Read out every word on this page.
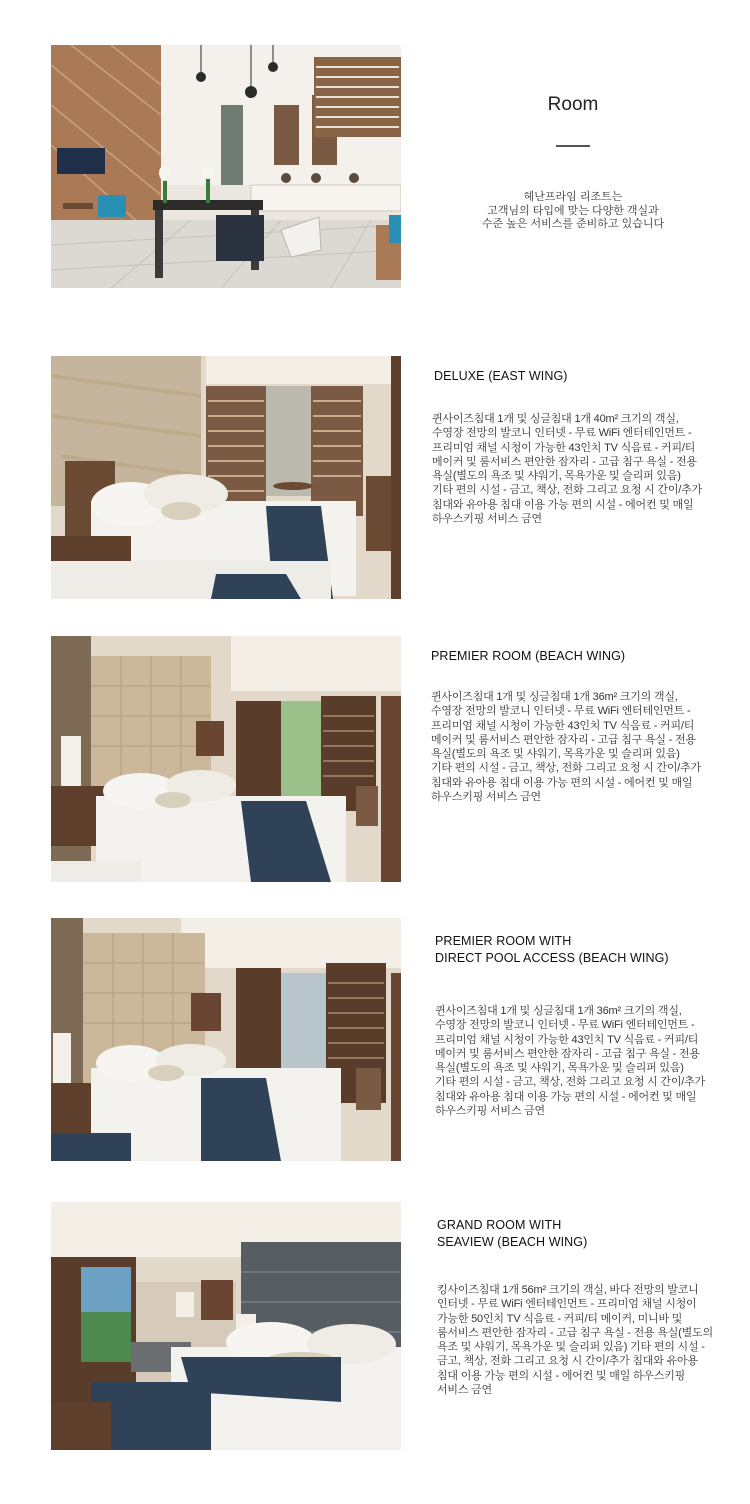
Room
헤난프라임 리조트는
고객님의 타입에 맞는 다양한 객실과
수준 높은 서비스를 준비하고 있습니다
DELUXE (EAST WING)
퀸사이즈침대 1개 및 싱글침대 1개 40m² 크기의 객실,
수영장 전망의 발코니 인터넷 - 무료 WiFi 엔터테인먼트 -
프리미엄 채널 시청이 가능한 43인치 TV 식음료 - 커피/티
메이커 및 룸서비스 편안한 잠자리 - 고급 침구 욕실 - 전용
욕실(별도의 욕조 및 샤워기, 목욕가운 및 슬리퍼 있음)
기타 편의 시설 - 금고, 책상, 전화 그리고 요청 시 간이/추가
침대와 유아용 침대 이용 가능 편의 시설 - 에어컨 및 매일
하우스키핑 서비스 금연
PREMIER ROOM (BEACH WING)
퀸사이즈침대 1개 및 싱글침대 1개 36m² 크기의 객실,
수영장 전망의 발코니 인터넷 - 무료 WiFi 엔터테인먼트 -
프리미엄 채널 시청이 가능한 43인치 TV 식음료 - 커피/티
메이커 및 룸서비스 편안한 잠자리 - 고급 침구 욕실 - 전용
욕실(별도의 욕조 및 샤워기, 목욕가운 및 슬리퍼 있음)
기타 편의 시설 - 금고, 책상, 전화 그리고 요청 시 간이/추가
침대와 유아용 침대 이용 가능 편의 시설 - 에어컨 및 매일
하우스키핑 서비스 금연
PREMIER ROOM WITH
DIRECT POOL ACCESS (BEACH WING)
퀸사이즈침대 1개 및 싱글침대 1개 36m² 크기의 객실,
수영장 전망의 발코니 인터넷 - 무료 WiFi 엔터테인먼트 -
프리미엄 채널 시청이 가능한 43인치 TV 식음료 - 커피/티
메이커 및 룸서비스 편안한 잠자리 - 고급 침구 욕실 - 전용
욕실(별도의 욕조 및 샤워기, 목욕가운 및 슬리퍼 있음)
기타 편의 시설 - 금고, 책상, 전화 그리고 요청 시 간이/추가
침대와 유아용 침대 이용 가능 편의 시설 - 에어컨 및 매일
하우스키핑 서비스 금연
GRAND ROOM WITH
SEAVIEW (BEACH WING)
킹사이즈침대 1개 56m² 크기의 객실, 바다 전망의 발코니
인터넷 - 무료 WiFi 엔터테인먼트 - 프리미엄 채널 시청이
가능한 50인치 TV 식음료 - 커피/티 메이커, 미니바 및
룸서비스 편안한 잠자리 - 고급 침구 욕실 - 전용 욕실(별도의
욕조 및 샤워기, 목욕가운 및 슬리퍼 있음) 기타 편의 시설 -
금고, 책상, 전화 그리고 요청 시 간이/추가 침대와 유아용
침대 이용 가능 편의 시설 - 에어컨 및 매일 하우스키핑
서비스 금연
